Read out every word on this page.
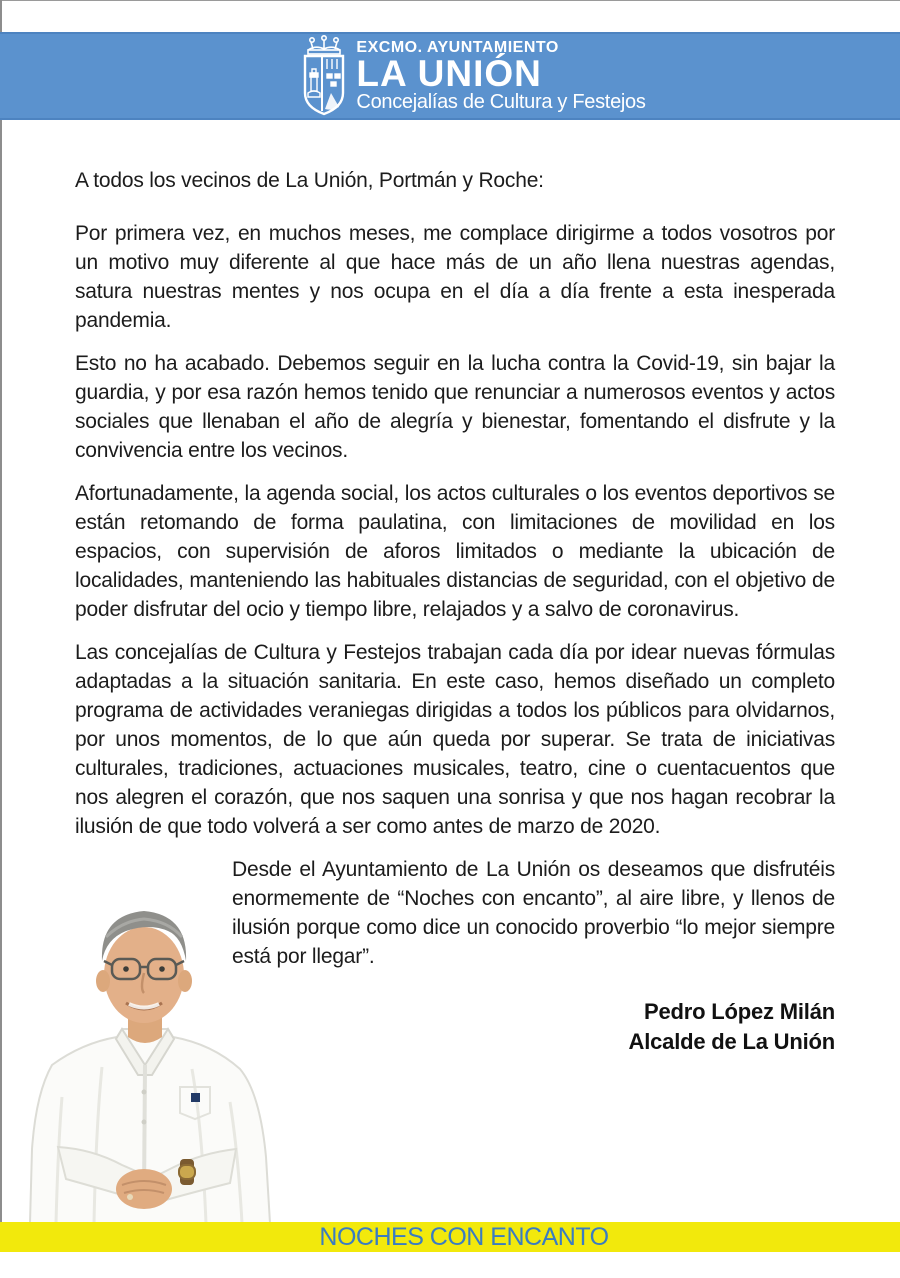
EXCMO. AYUNTAMIENTO
LA UNIÓN
Concejalías de Cultura y Festejos

A todos los vecinos de La Unión, Portmán y Roche:

Por primera vez, en muchos meses, me complace dirigirme a todos vosotros por un motivo muy diferente al que hace más de un año llena nuestras agendas, satura nuestras mentes y nos ocupa en el día a día frente a esta inesperada pandemia.

Esto no ha acabado. Debemos seguir en la lucha contra la Covid-19, sin bajar la guardia, y por esa razón hemos tenido que renunciar a numerosos eventos y actos sociales que llenaban el año de alegría y bienestar, fomentando el disfrute y la convivencia entre los vecinos.

Afortunadamente, la agenda social, los actos culturales o los eventos deportivos se están retomando de forma paulatina, con limitaciones de movilidad en los espacios, con supervisión de aforos limitados o mediante la ubicación de localidades, manteniendo las habituales distancias de seguridad, con el objetivo de poder disfrutar del ocio y tiempo libre, relajados y a salvo de coronavirus.

Las concejalías de Cultura y Festejos trabajan cada día por idear nuevas fórmulas adaptadas a la situación sanitaria. En este caso, hemos diseñado un completo programa de actividades veraniegas dirigidas a todos los públicos para olvidarnos, por unos momentos, de lo que aún queda por superar. Se trata de iniciativas culturales, tradiciones, actuaciones musicales, teatro, cine o cuentacuentos que nos alegren el corazón, que nos saquen una sonrisa y que nos hagan recobrar la ilusión de que todo volverá a ser como antes de marzo de 2020.

Desde el Ayuntamiento de La Unión os deseamos que disfrutéis enormemente de “Noches con encanto”, al aire libre, y llenos de ilusión porque como dice un conocido proverbio “lo mejor siempre está por llegar”.

Pedro López Milán
Alcalde de La Unión
NOCHES CON ENCANTO
